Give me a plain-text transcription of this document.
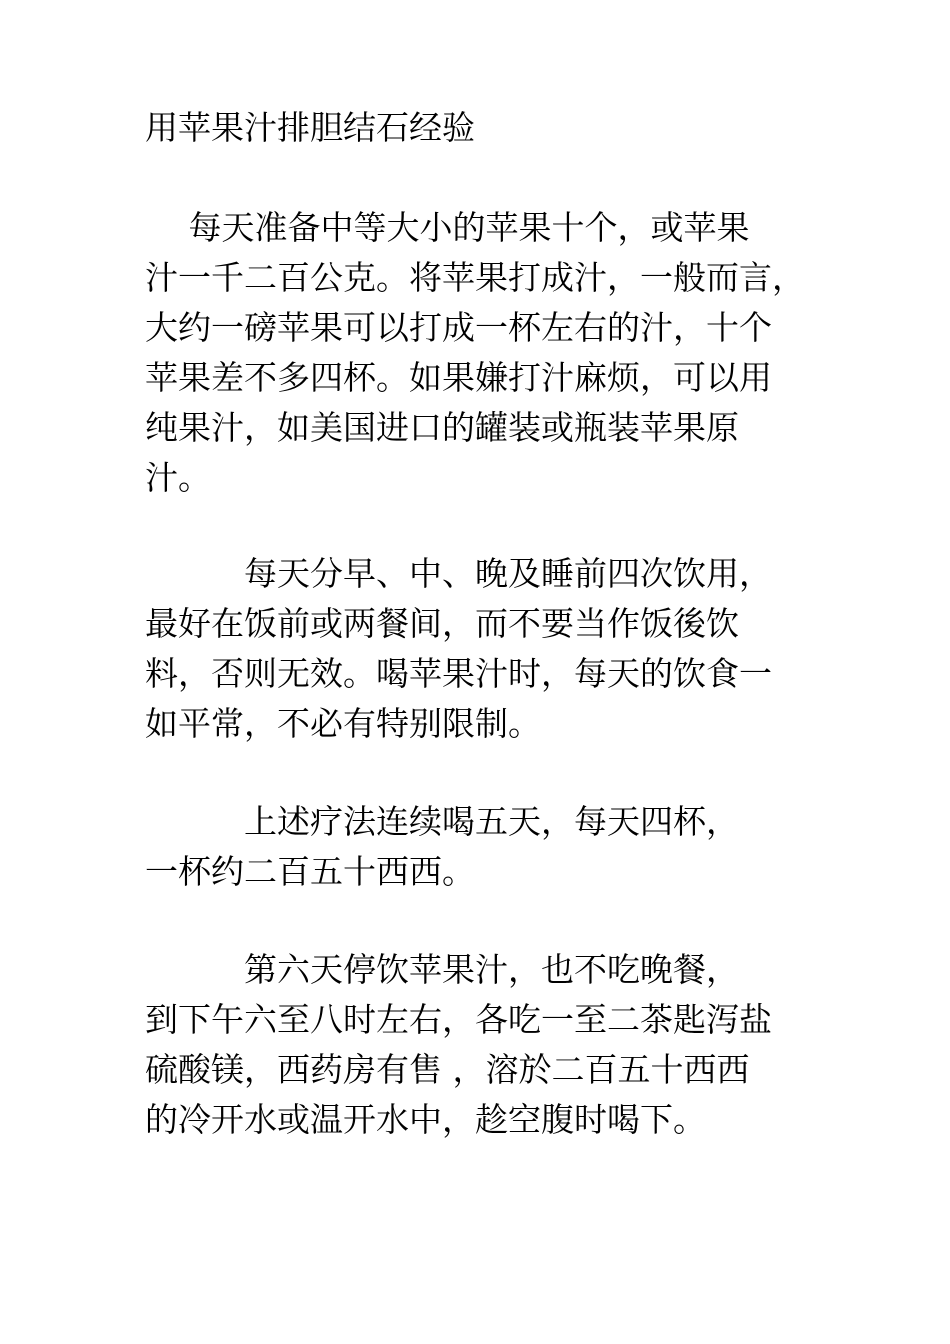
用苹果汁排胆结石经验
　 每天准备中等大小的苹果十个，或苹果
汁一千二百公克。将苹果打成汁，一般而言，
大约一磅苹果可以打成一杯左右的汁，十个
苹果差不多四杯。如果嫌打汁麻烦，可以用
纯果汁，如美国进口的罐装或瓶装苹果原
汁。
　　　每天分早、中、晚及睡前四次饮用，
最好在饭前或两餐间，而不要当作饭後饮
料，否则无效。喝苹果汁时，每天的饮食一
如平常，不必有特别限制。
　　　上述疗法连续喝五天，每天四杯，
一杯约二百五十西西。
　　　第六天停饮苹果汁，也不吃晚餐，
到下午六至八时左右，各吃一至二茶匙泻盐
硫酸镁，西药房有售 ，溶於二百五十西西
的冷开水或温开水中，趁空腹时喝下。
